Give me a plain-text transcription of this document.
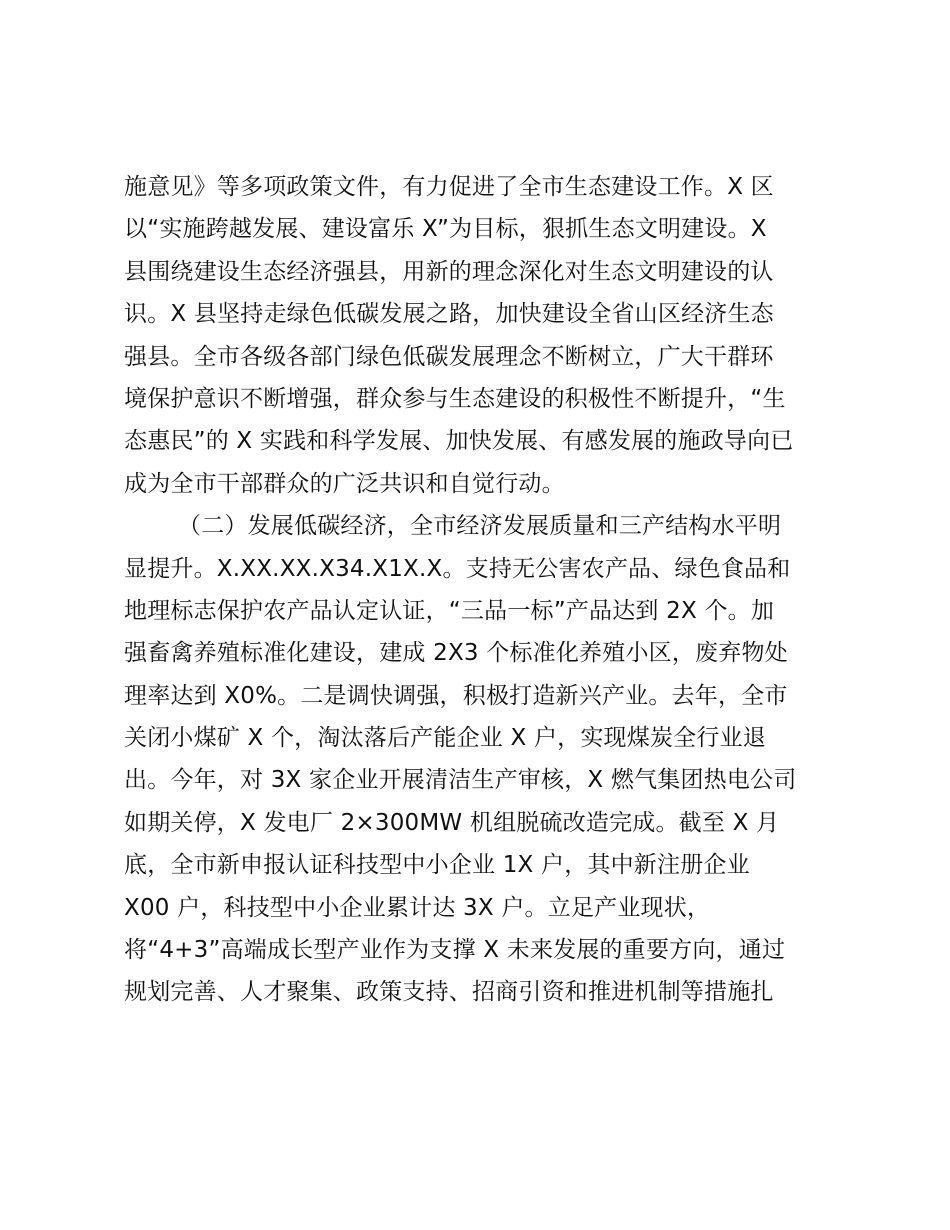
施意见》等多项政策文件，有力促进了全市生态建设工作。X 区
以“实施跨越发展、建设富乐 X”为目标，狠抓生态文明建设。X
县围绕建设生态经济强县，用新的理念深化对生态文明建设的认
识。X 县坚持走绿色低碳发展之路，加快建设全省山区经济生态
强县。全市各级各部门绿色低碳发展理念不断树立，广大干群环
境保护意识不断增强，群众参与生态建设的积极性不断提升，“生
态惠民”的 X 实践和科学发展、加快发展、有感发展的施政导向已
成为全市干部群众的广泛共识和自觉行动。
（二）发展低碳经济，全市经济发展质量和三产结构水平明
显提升。X.XX.XX.X34.X1X.X。支持无公害农产品、绿色食品和
地理标志保护农产品认定认证，“三品一标”产品达到 2X 个。加
强畜禽养殖标准化建设，建成 2X3 个标准化养殖小区，废弃物处
理率达到 X0%。二是调快调强，积极打造新兴产业。去年，全市
关闭小煤矿 X 个，淘汰落后产能企业 X 户，实现煤炭全行业退
出。今年，对 3X 家企业开展清洁生产审核，X 燃气集团热电公司
如期关停，X 发电厂 2×300MW 机组脱硫改造完成。截至 X 月
底，全市新申报认证科技型中小企业 1X 户，其中新注册企业
X00 户，科技型中小企业累计达 3X 户。立足产业现状，
将“4+3”高端成长型产业作为支撑 X 未来发展的重要方向，通过
规划完善、人才聚集、政策支持、招商引资和推进机制等措施扎
